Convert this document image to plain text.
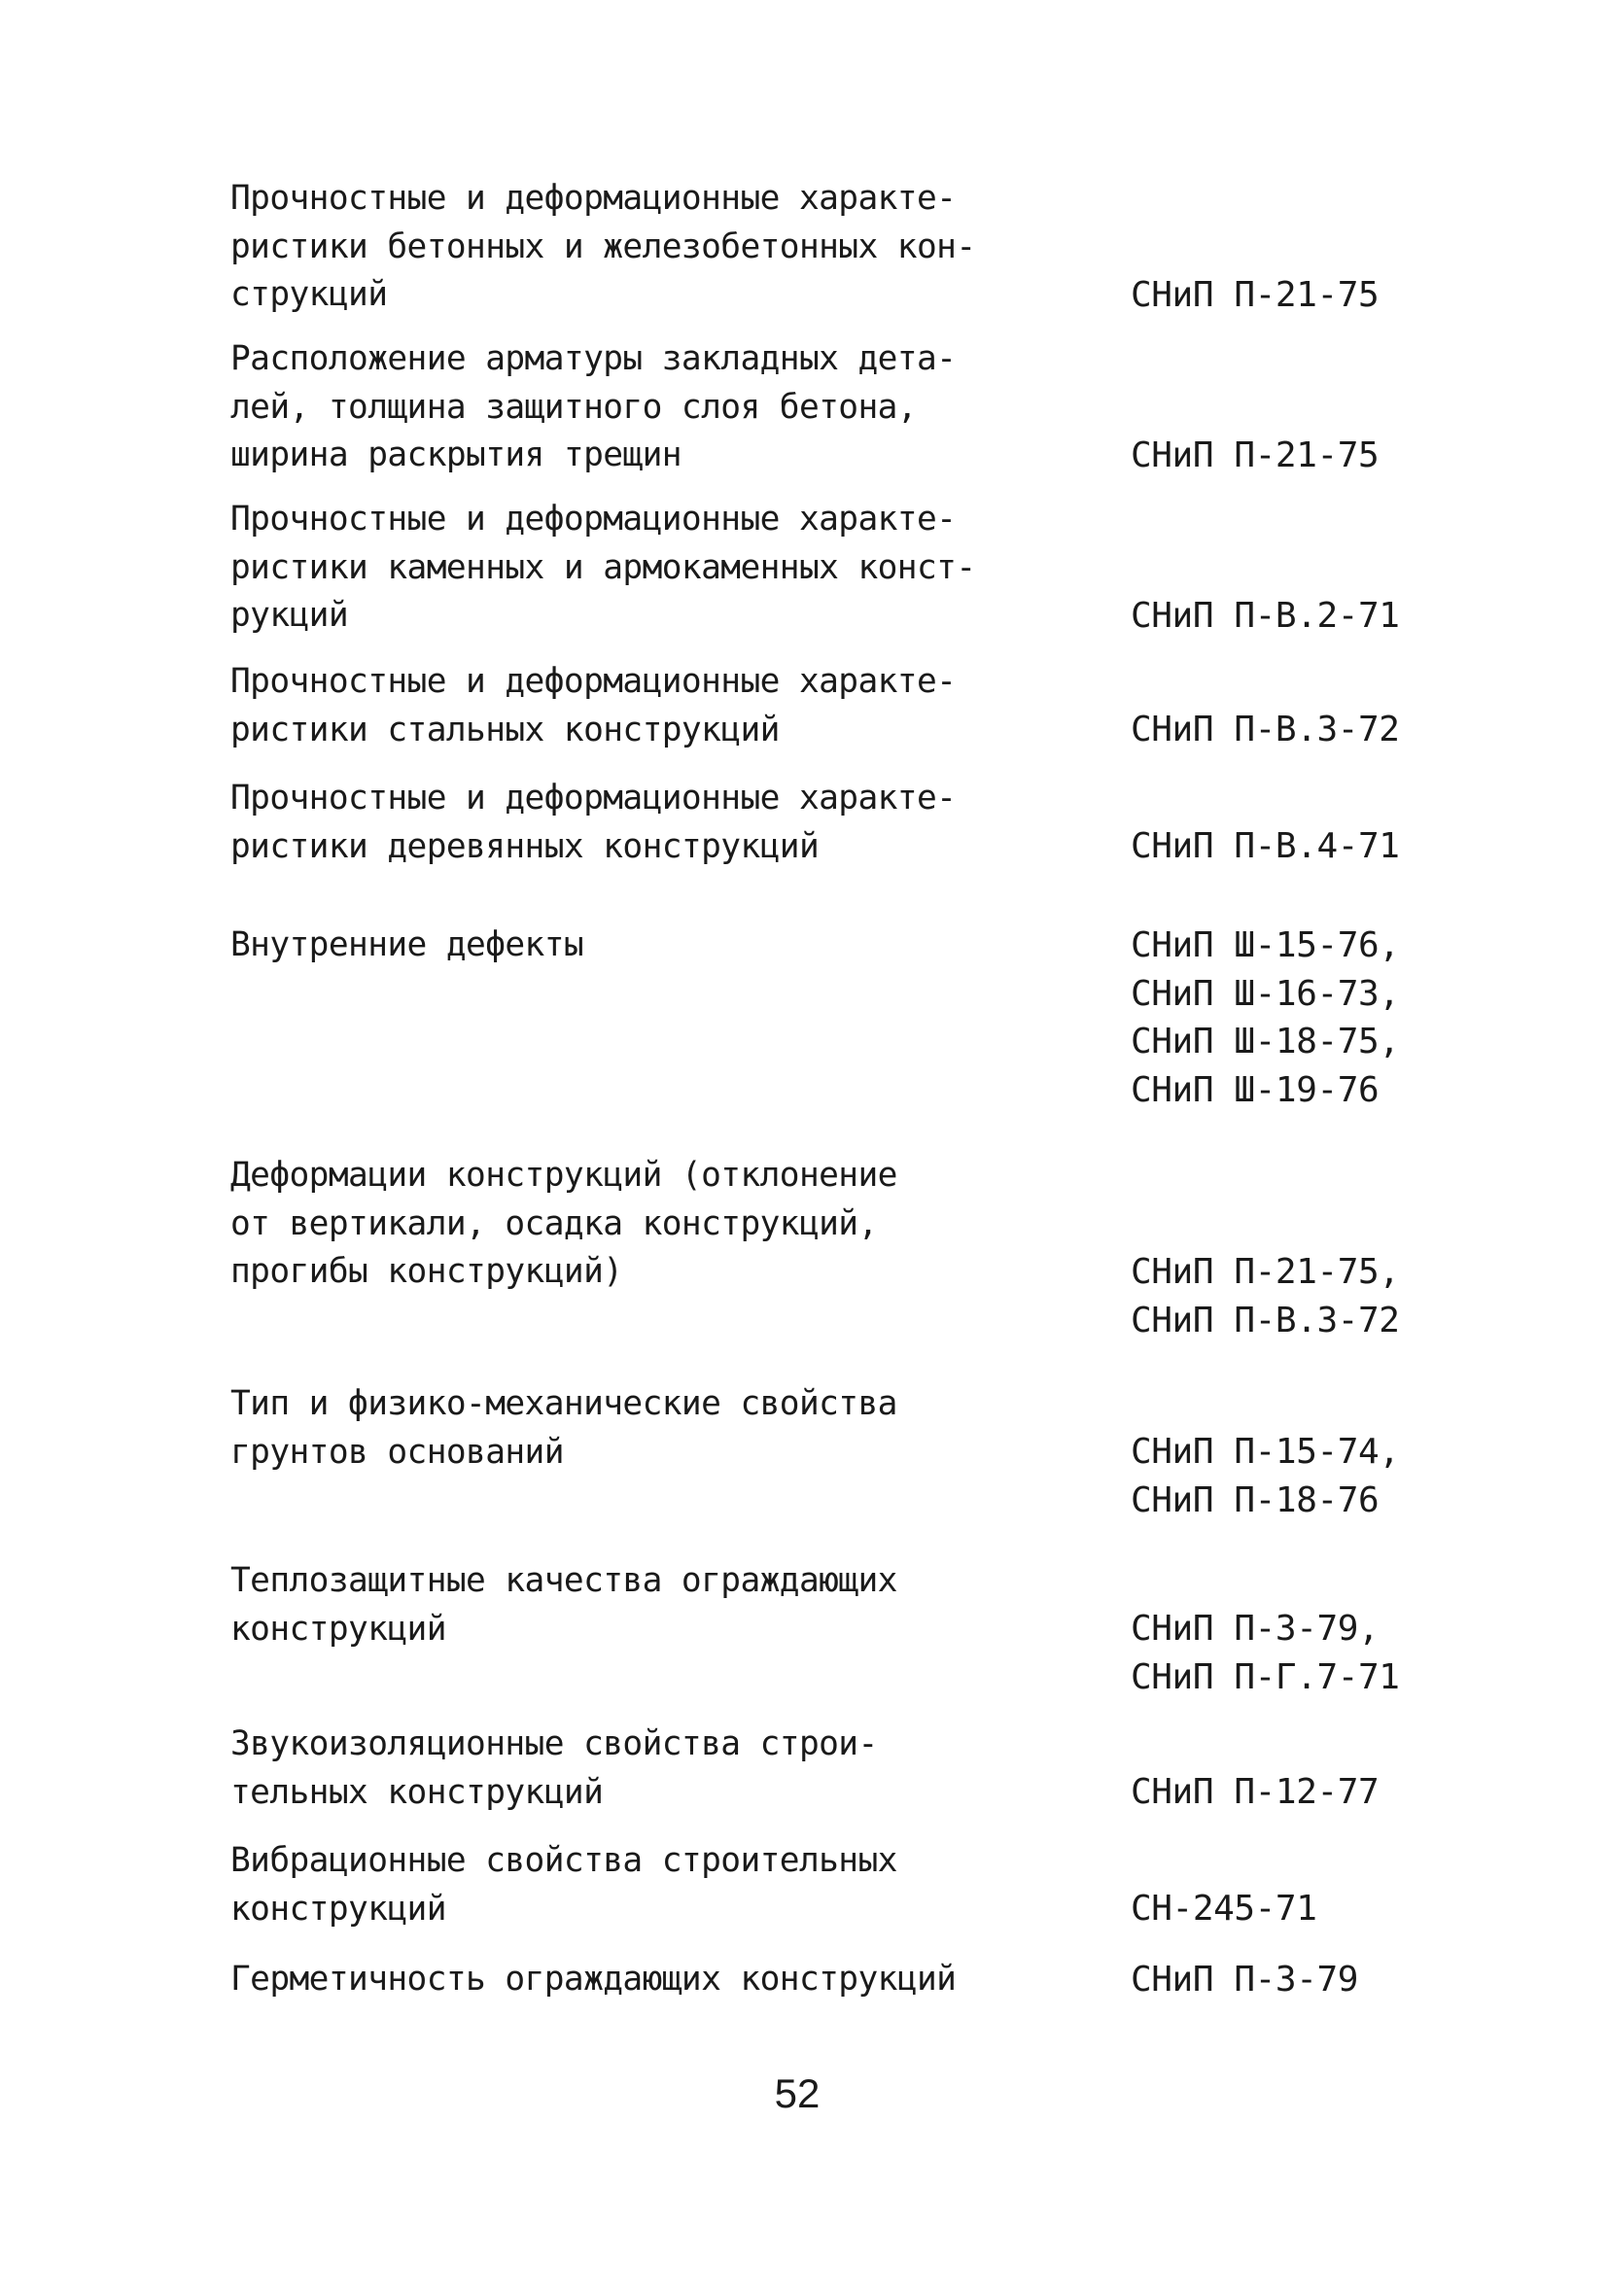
Прочностные и деформационные характе-
ристики бетонных и железобетонных кон-
струкций	СНиП П-21-75
Расположение арматуры закладных дета-
лей, толщина защитного слоя бетона,
ширина раскрытия трещин	СНиП П-21-75
Прочностные и деформационные характе-
ристики каменных и армокаменных конст-
рукций	СНиП П-В.2-71
Прочностные и деформационные характе-
ристики стальных конструкций	СНиП П-В.3-72
Прочностные и деформационные характе-
ристики деревянных конструкций	СНиП П-В.4-71
Внутренние дефекты	СНиП Ш-15-76,
СНиП Ш-16-73,
СНиП Ш-18-75,
СНиП Ш-19-76
Деформации конструкций (отклонение
от вертикали, осадка конструкций,
прогибы конструкций)	СНиП П-21-75,
СНиП П-В.3-72
Тип и физико-механические свойства
грунтов оснований	СНиП П-15-74,
СНиП П-18-76
Теплозащитные качества ограждающих
конструкций	СНиП П-3-79,
СНиП П-Г.7-71
Звукоизоляционные свойства строи-
тельных конструкций	СНиП П-12-77
Вибрационные свойства строительных
конструкций	СН-245-71
Герметичность ограждающих конструкций	СНиП П-3-79
52
